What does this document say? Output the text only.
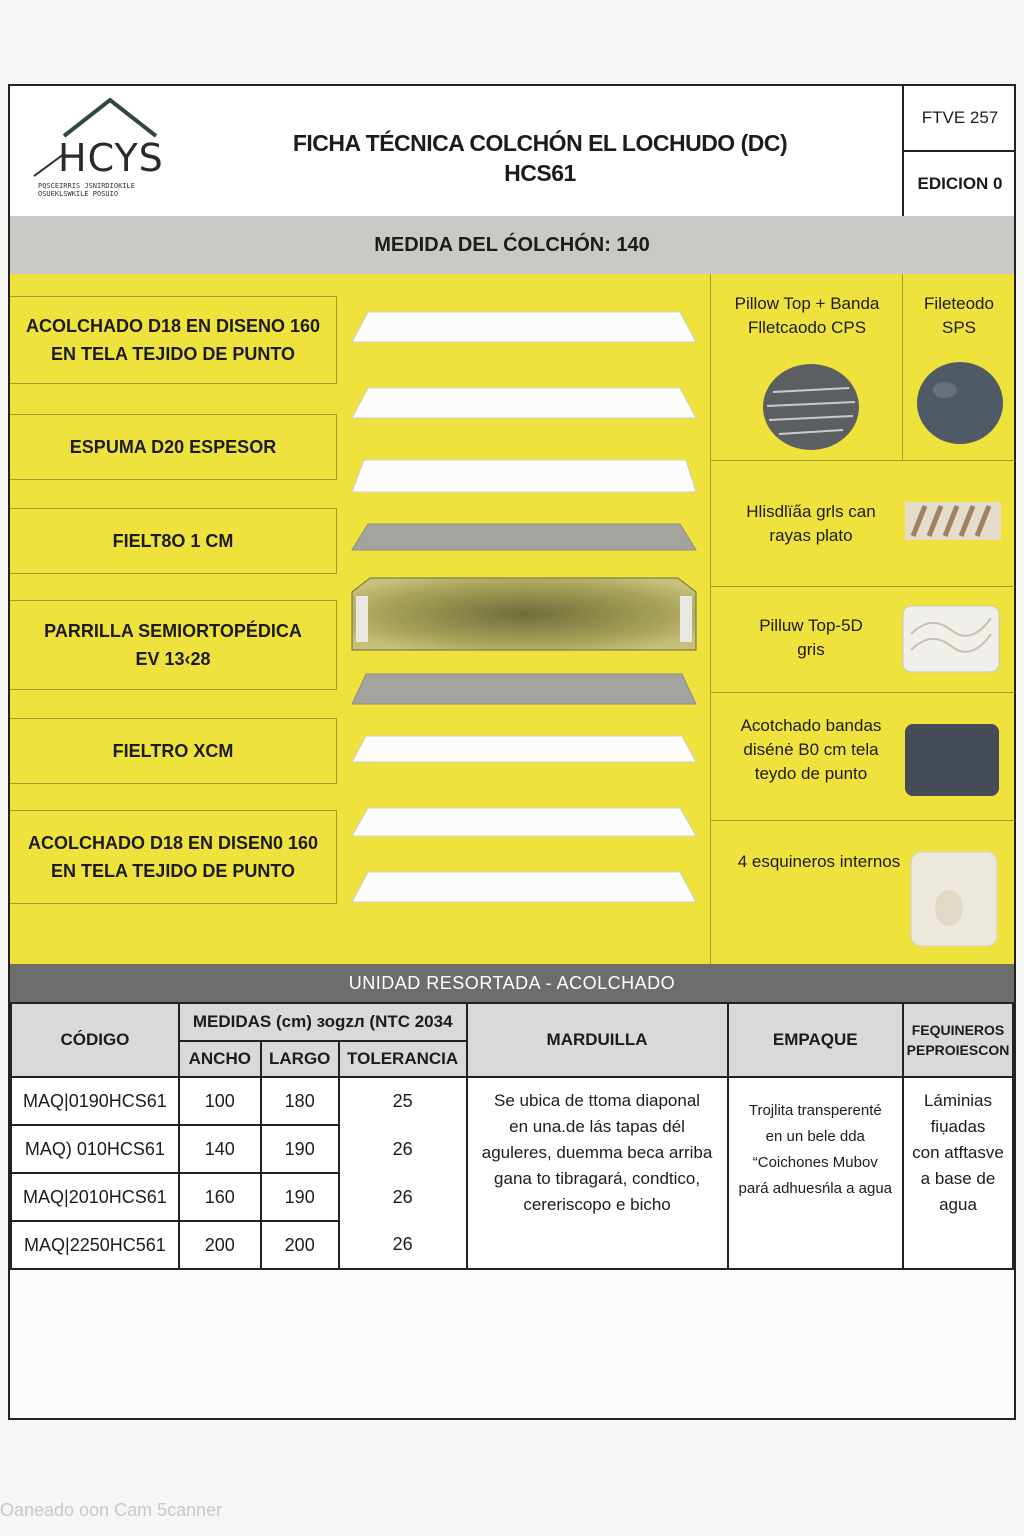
HCYS
PQSCEIRRIS JSNIRDIOKILE
OSUEKLSWKILE POSUIO
FICHA TÉCNICA COLCHÓN EL LOCHUDO (DC)
HCS61
FTVE 257
EDICION 0
MEDIDA DEL ĆOLCHÓN: 140
ACOLCHADO D18 EN DISENO 160
EN TELA TEJIDO DE PUNTO
ESPUMA D20 ESPESOR
FIELT8O 1 CM
PARRILLA SEMIORTOPÉDICA
EV 13‹28
FIELTRO XCM
ACOLCHADO D18 EN DISEN0 160
EN TELA TEJIDO DE PUNTO
Pillow Top + Banda
Flletcaodo CPS
Fileteodo
SPS
Hlisdlïa̋a grls can
rayas plato
Pilluw Top-5D
gris
Acotchado bandas
disénė B0 cm tela
teydo de punto
4 esquineros internos
UNIDAD RESORTADA - ACOLCHADO
CÓDIGO	MEDIDAS (cm) зоgzл (NTC 2034			MARDUILLA	EMPAQUE	FEQUINEROS
PEPROIESCON
	ANCHO	LARGO	TOLERANCIA			
MAQ|0190HCS61	100	180	25	Se ubica de ttoma diaponal
en una.de lás tapas dél
aguleres, duemmа beca arriba
gana to tibragará, condtico,
cereriscopo e bicho	Trojlita transperenté
en un bele dda
“Coichones Mubov
pará adhuesńla a agua	Láminias
fiụadas
con atftasve
a base de
agua
MAQ) 010HCS61	140	190	26			
MAQ|2010HCS61	160	190	26			
MAQ|2250HC561	200	200	26			
Oaneado oon Cam 5canner
